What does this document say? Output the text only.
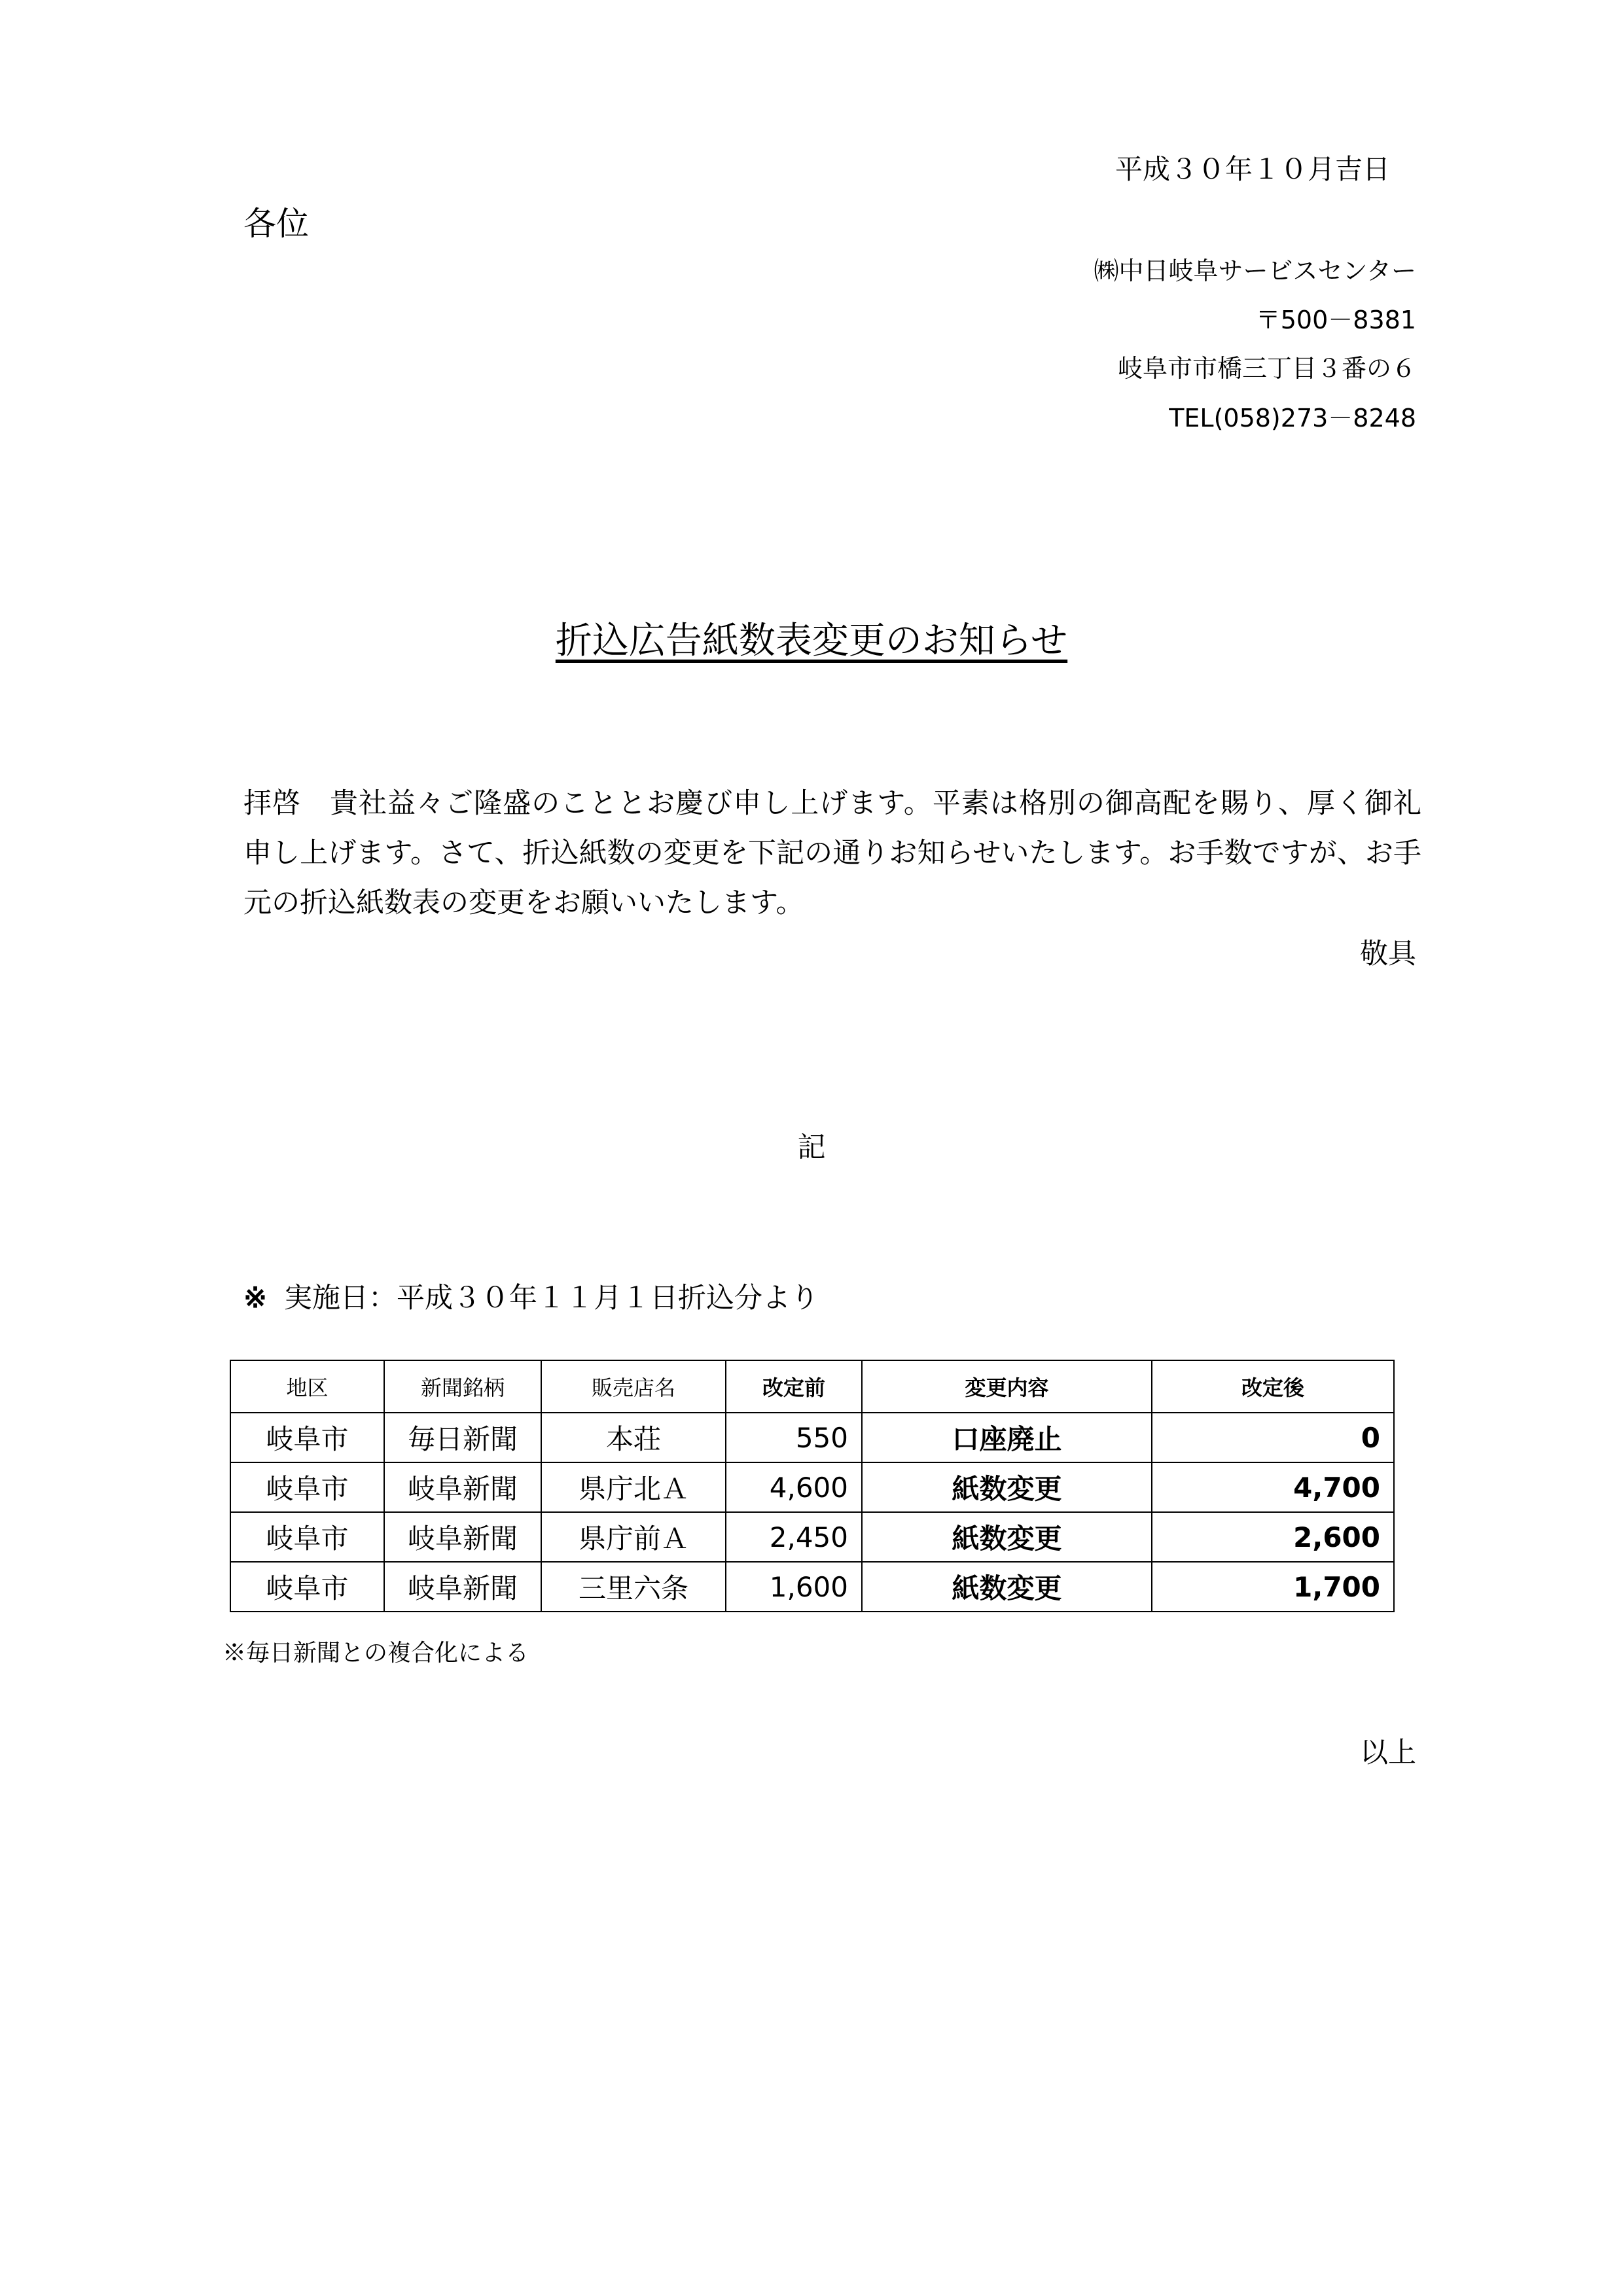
平成３０年１０月吉日
各位
㈱中日岐阜サービスセンター
〒500－8381
岐阜市市橋三丁目３番の６
TEL(058)273－8248
折込広告紙数表変更のお知らせ
拝啓　貴社益々ご隆盛のこととお慶び申し上げます。平素は格別の御高配を賜り、厚く御礼申し上げます。さて、折込紙数の変更を下記の通りお知らせいたします。お手数ですが、お手元の折込紙数表の変更をお願いいたします。
敬具
記
※ 実施日：平成３０年１１月１日折込分より
地区	新聞銘柄	販売店名	改定前	変更内容	改定後
岐阜市	毎日新聞	本荘	550	口座廃止	0
岐阜市	岐阜新聞	県庁北Ａ	4,600	紙数変更	4,700
岐阜市	岐阜新聞	県庁前Ａ	2,450	紙数変更	2,600
岐阜市	岐阜新聞	三里六条	1,600	紙数変更	1,700
※毎日新聞との複合化による
以上
